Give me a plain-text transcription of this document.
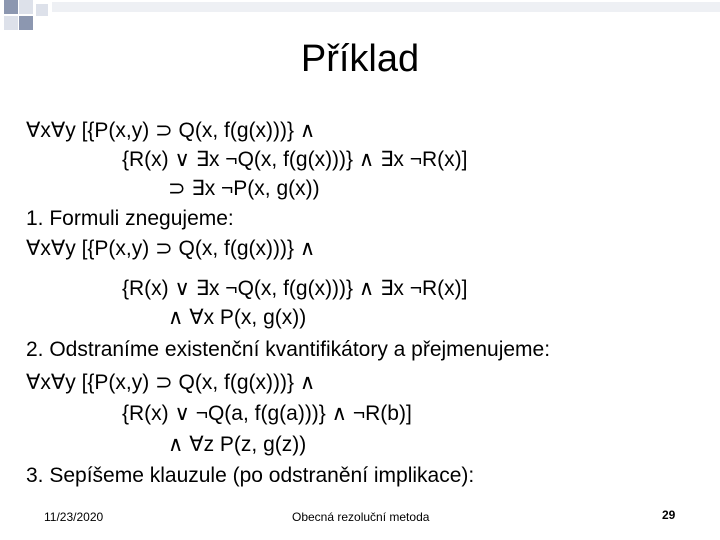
Příklad
∀x∀y [{P(x,y) ⊃ Q(x, f(g(x)))} ∧
{R(x) ∨ ∃x ¬Q(x, f(g(x)))} ∧ ∃x ¬R(x)]
⊃ ∃x ¬P(x, g(x))
1. Formuli znegujeme:
∀x∀y [{P(x,y) ⊃ Q(x, f(g(x)))} ∧
{R(x) ∨ ∃x ¬Q(x, f(g(x)))} ∧ ∃x ¬R(x)]
∧ ∀x P(x, g(x))
2. Odstraníme existenční kvantifikátory a přejmenujeme:
∀x∀y [{P(x,y) ⊃ Q(x, f(g(x)))} ∧
{R(x) ∨ ¬Q(a, f(g(a)))} ∧ ¬R(b)]
∧ ∀z P(z, g(z))
3. Sepíšeme klauzule (po odstranění implikace):
11/23/2020	Obecná rezoluční metoda	29
